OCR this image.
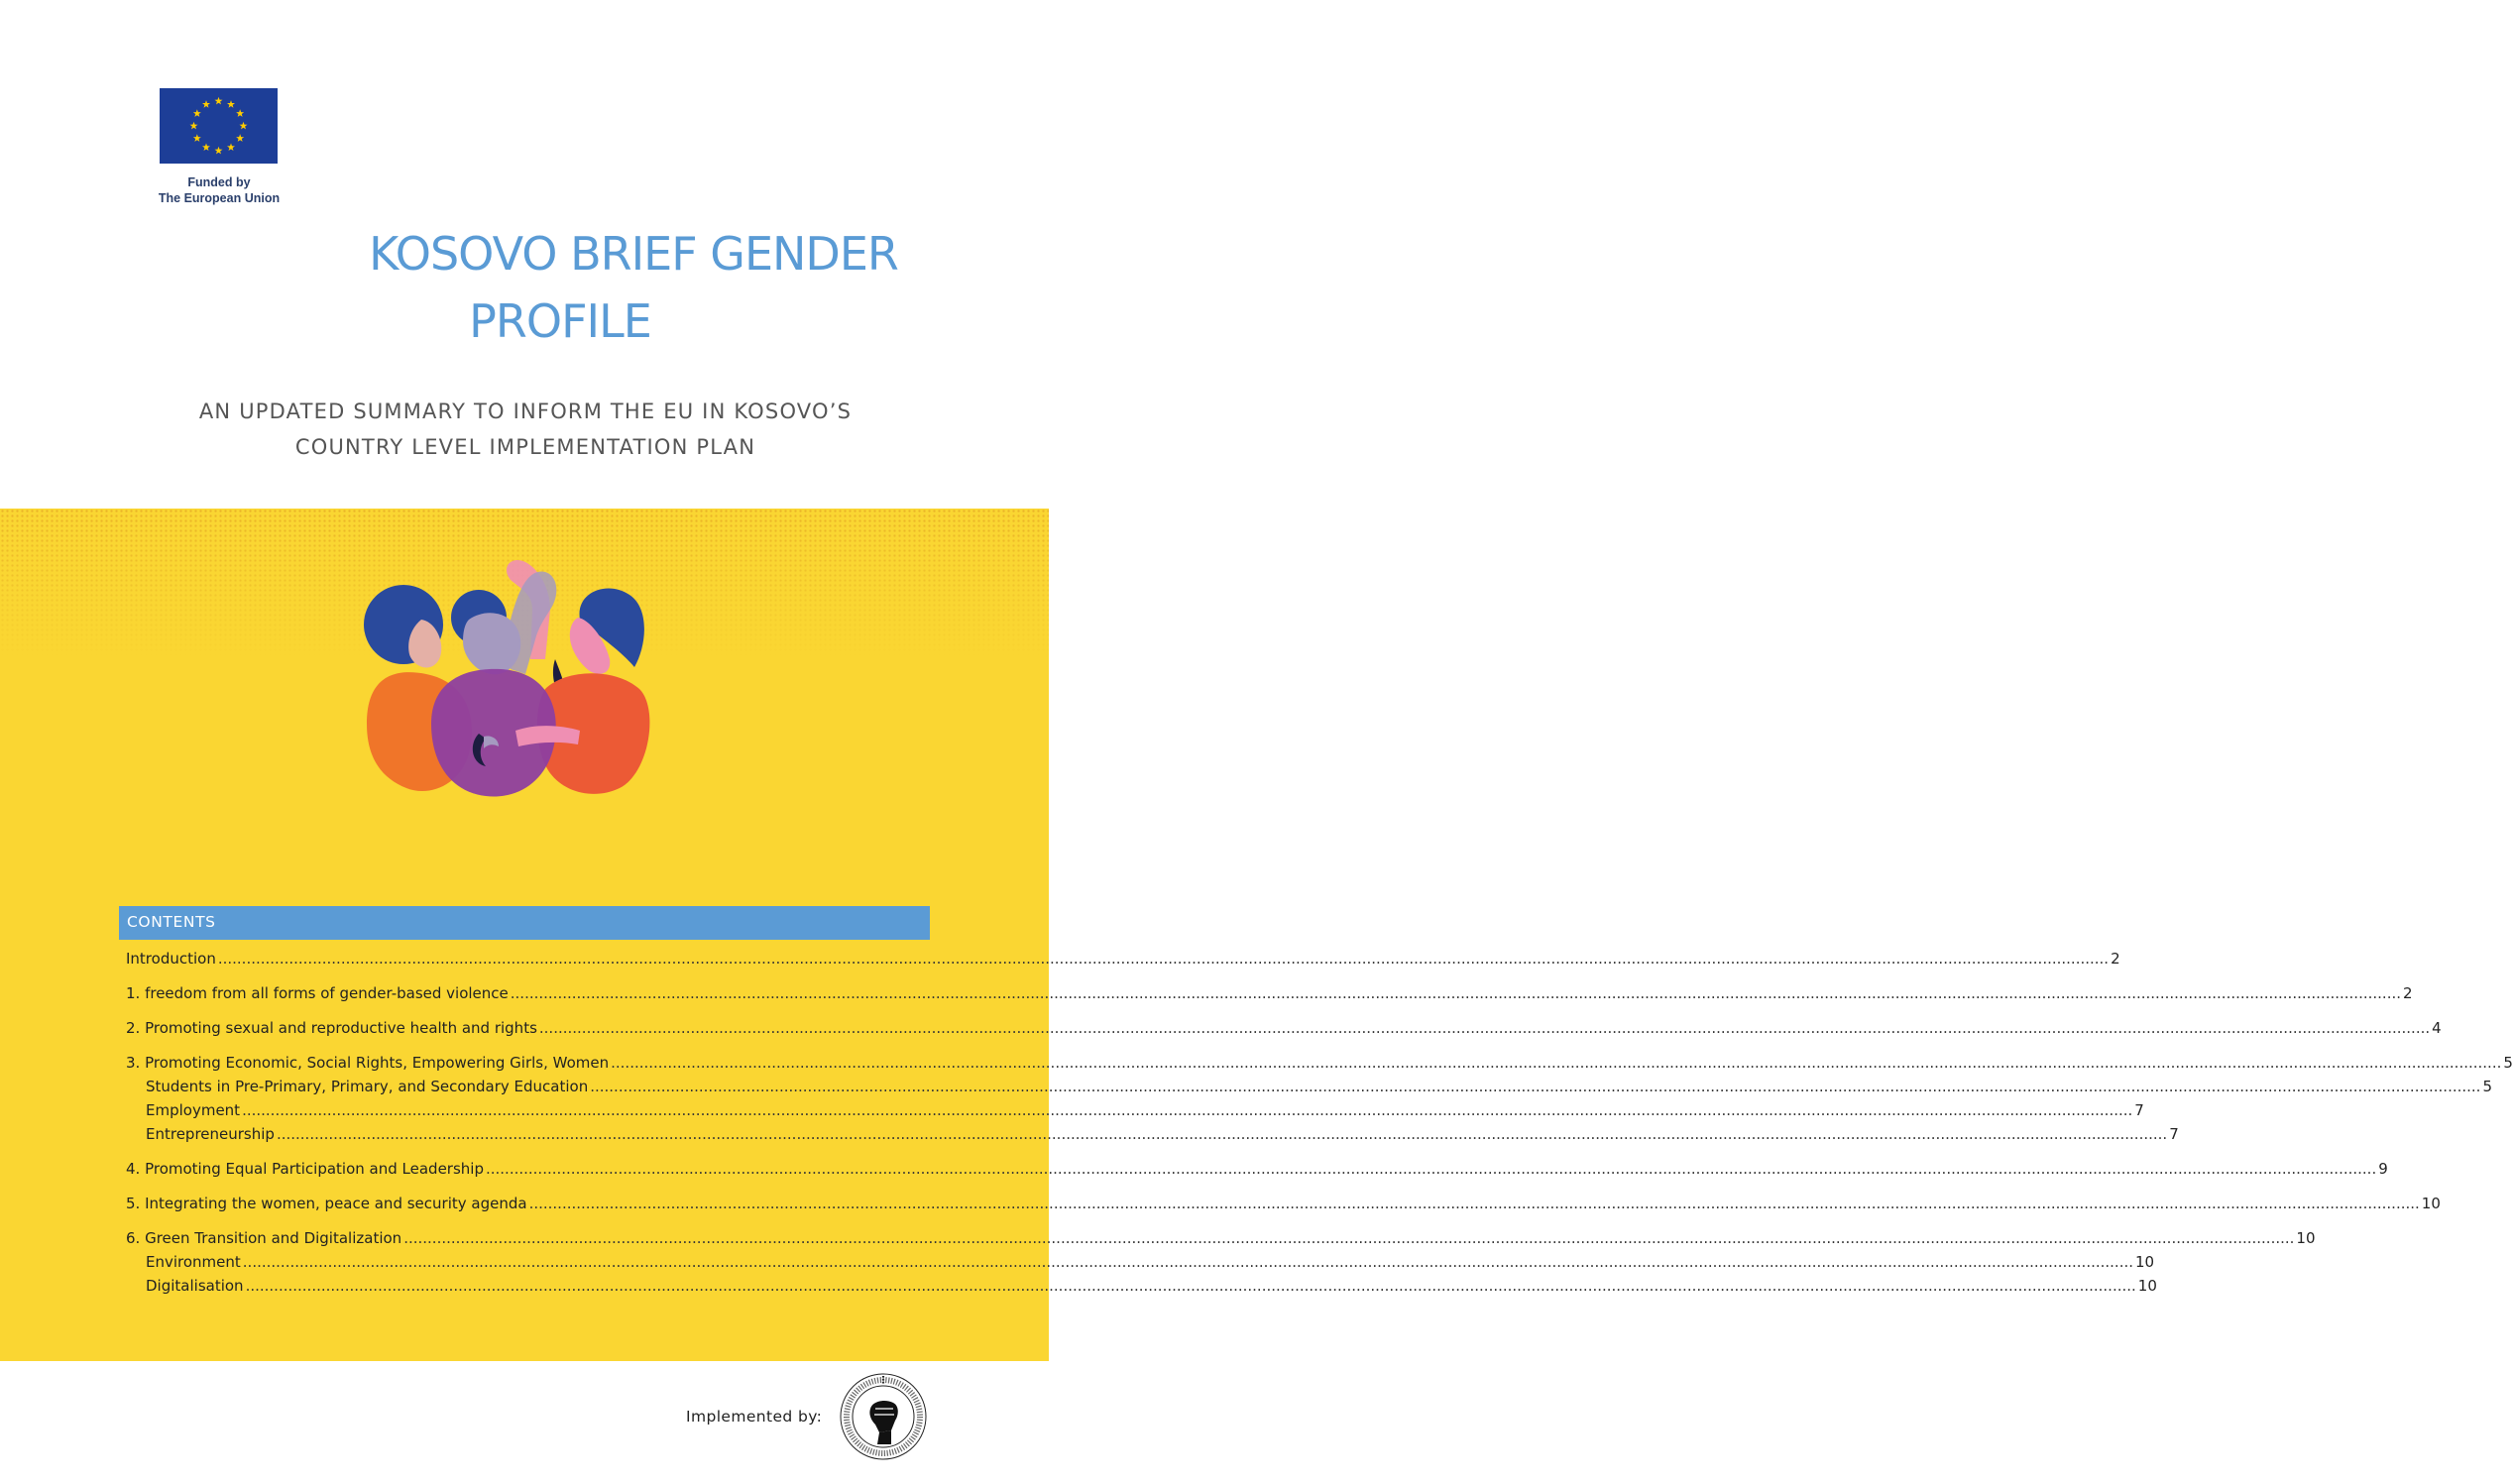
Funded by
The European Union
KOSOVO BRIEF GENDER
PROFILE
AN UPDATED SUMMARY TO INFORM THE EU IN KOSOVO’S
COUNTRY LEVEL IMPLEMENTATION PLAN
CONTENTS
Introduction ................................................................................................................................................................................................................................................................................................................................................................................................................ 2
1. freedom from all forms of gender-based violence ................................................................................................................................................................................................................................................................................................................................................................................................................ 2
2. Promoting sexual and reproductive health and rights ................................................................................................................................................................................................................................................................................................................................................................................................................ 4
3. Promoting Economic, Social Rights, Empowering Girls, Women ................................................................................................................................................................................................................................................................................................................................................................................................................ 5
Students in Pre-Primary, Primary, and Secondary Education ................................................................................................................................................................................................................................................................................................................................................................................................................ 5
Employment ................................................................................................................................................................................................................................................................................................................................................................................................................ 7
Entrepreneurship ................................................................................................................................................................................................................................................................................................................................................................................................................ 7
4. Promoting Equal Participation and Leadership ................................................................................................................................................................................................................................................................................................................................................................................................................ 9
5. Integrating the women, peace and security agenda ................................................................................................................................................................................................................................................................................................................................................................................................................ 10
6. Green Transition and Digitalization ................................................................................................................................................................................................................................................................................................................................................................................................................ 10
Environment ................................................................................................................................................................................................................................................................................................................................................................................................................ 10
Digitalisation ................................................................................................................................................................................................................................................................................................................................................................................................................ 10
Implemented by:
